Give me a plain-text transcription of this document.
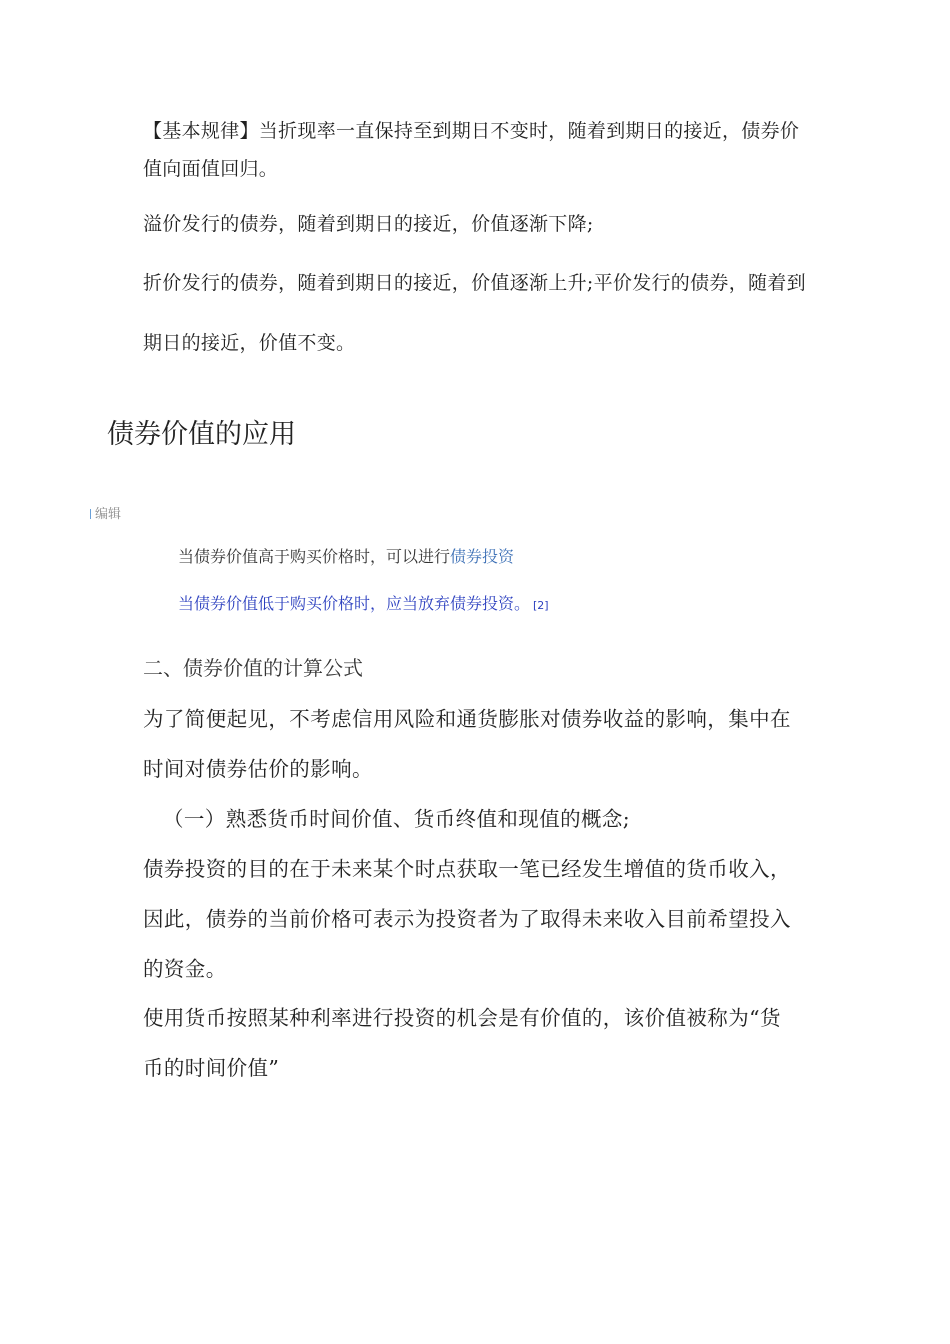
【基本规律】当折现率一直保持至到期日不变时，随着到期日的接近，债券价
值向面值回归。
溢价发行的债券，随着到期日的接近，价值逐渐下降;
折价发行的债券，随着到期日的接近，价值逐渐上升;平价发行的债券，随着到
期日的接近，价值不变。
债券价值的应用
编辑
当债券价值高于购买价格时，可以进行债券投资
当债券价值低于购买价格时，应当放弃债券投资。 [2]
二、债券价值的计算公式
为了简便起见，不考虑信用风险和通货膨胀对债券收益的影响，集中在
时间对债券估价的影响。
（一）熟悉货币时间价值、货币终值和现值的概念;
债券投资的目的在于未来某个时点获取一笔已经发生增值的货币收入，
因此，债券的当前价格可表示为投资者为了取得未来收入目前希望投入
的资金。
使用货币按照某种利率进行投资的机会是有价值的，该价值被称为“货
币的时间价值”
